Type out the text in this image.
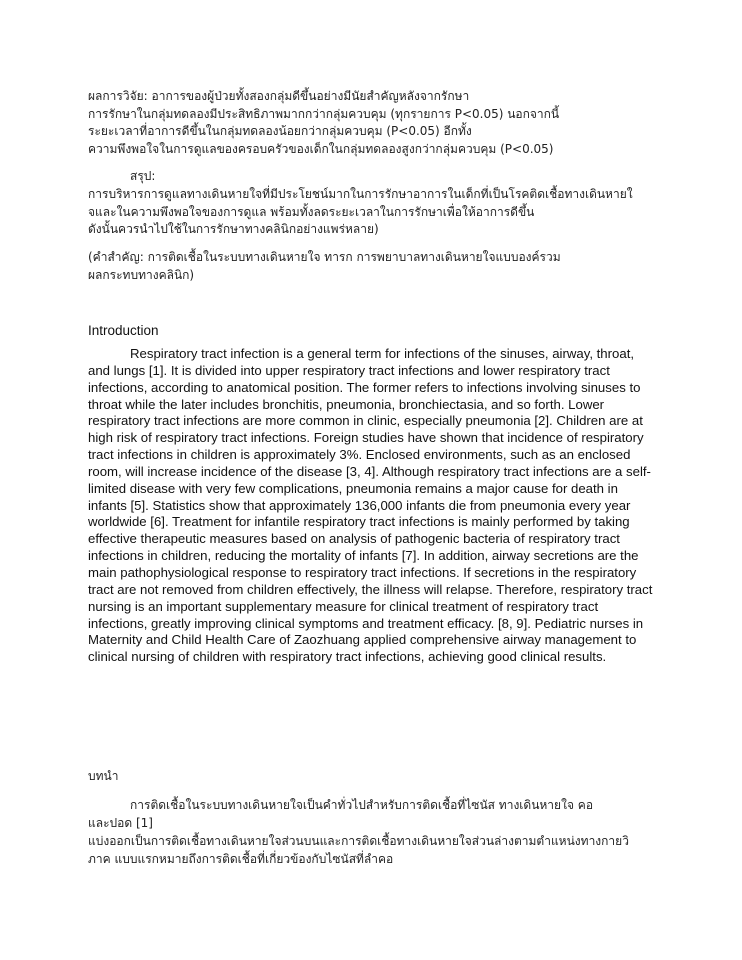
ผลการวิจัย: อาการของผู้ป่วยทั้งสองกลุ่มดีขึ้นอย่างมีนัยสำคัญหลังจากรักษา
การรักษาในกลุ่มทดลองมีประสิทธิภาพมากกว่ากลุ่มควบคุม (ทุกรายการ P<0.05) นอกจากนี้
ระยะเวลาที่อาการดีขึ้นในกลุ่มทดลองน้อยกว่ากลุ่มควบคุม (P<0.05) อีกทั้ง
ความพึงพอใจในการดูแลของครอบครัวของเด็กในกลุ่มทดลองสูงกว่ากลุ่มควบคุม (P<0.05)

สรุป:

การบริหารการดูแลทางเดินหายใจที่มีประโยชน์มากในการรักษาอาการในเด็กที่เป็นโรคติดเชื้อทางเดินหายใ
จและในความพึงพอใจของการดูแล พร้อมทั้งลดระยะเวลาในการรักษาเพื่อให้อาการดีขึ้น
ดังนั้นควรนำไปใช้ในการรักษาทางคลินิกอย่างแพร่หลาย)

(คำสำคัญ: การติดเชื้อในระบบทางเดินหายใจ ทารก การพยาบาลทางเดินหายใจแบบองค์รวม
ผลกระทบทางคลินิก)

Introduction

Respiratory tract infection is a general term for infections of the sinuses, airway, throat, and lungs [1]. It is divided into upper respiratory tract infections and lower respiratory tract infections, according to anatomical position. The former refers to infections involving sinuses to throat while the later includes bronchitis, pneumonia, bronchiectasia, and so forth. Lower respiratory tract infections are more common in clinic, especially pneumonia [2]. Children are at high risk of respiratory tract infections. Foreign studies have shown that incidence of respiratory tract infections in children is approximately 3%. Enclosed environments, such as an enclosed room, will increase incidence of the disease [3, 4]. Although respiratory tract infections are a self-limited disease with very few complications, pneumonia remains a major cause for death in infants [5]. Statistics show that approximately 136,000 infants die from pneumonia every year worldwide [6]. Treatment for infantile respiratory tract infections is mainly performed by taking effective therapeutic measures based on analysis of pathogenic bacteria of respiratory tract infections in children, reducing the mortality of infants [7]. In addition, airway secretions are the main pathophysiological response to respiratory tract infections. If secretions in the respiratory tract are not removed from children effectively, the illness will relapse. Therefore, respiratory tract nursing is an important supplementary measure for clinical treatment of respiratory tract infections, greatly improving clinical symptoms and treatment efficacy. [8, 9]. Pediatric nurses in Maternity and Child Health Care of Zaozhuang applied comprehensive airway management to clinical nursing of children with respiratory tract infections, achieving good clinical results.

บทนำ

การติดเชื้อในระบบทางเดินหายใจเป็นคำทั่วไปสำหรับการติดเชื้อที่ไซนัส ทางเดินหายใจ คอ
และปอด [1]

แบ่งออกเป็นการติดเชื้อทางเดินหายใจส่วนบนและการติดเชื้อทางเดินหายใจส่วนล่างตามตำแหน่งทางกายวิ
ภาค แบบแรกหมายถึงการติดเชื้อที่เกี่ยวข้องกับไซนัสที่ลำคอ
